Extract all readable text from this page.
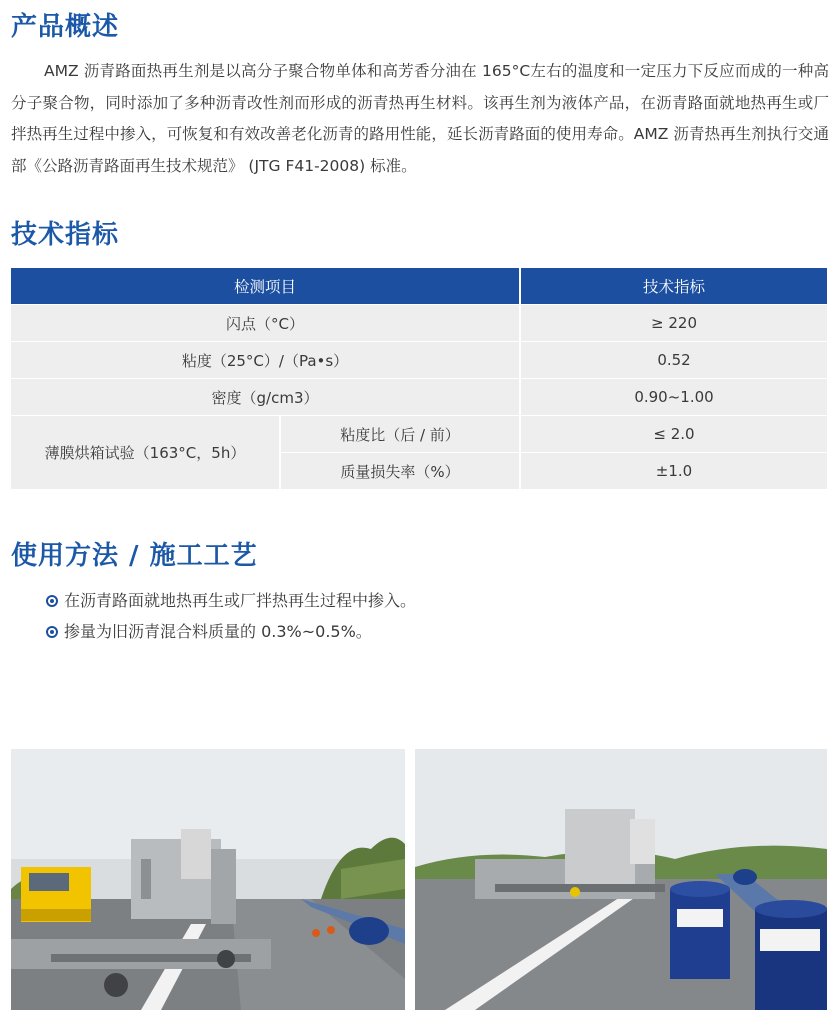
产品概述

AMZ 沥青路面热再生剂是以高分子聚合物单体和高芳香分油在 165°C左右的温度和一定压力下反应而成的一种高分子聚合物，同时添加了多种沥青改性剂而形成的沥青热再生材料。该再生剂为液体产品，在沥青路面就地热再生或厂拌热再生过程中掺入，可恢复和有效改善老化沥青的路用性能，延长沥青路面的使用寿命。AMZ 沥青热再生剂执行交通部《公路沥青路面再生技术规范》 (JTG F41-2008) 标准。

技术指标
检测项目		技术指标
闪点（°C）		≥ 220
粘度（25°C）/（Pa•s）		0.52
密度（g/cm3）		0.90~1.00
薄膜烘箱试验（163°C，5h）	粘度比（后 / 前）	≤ 2.0
	质量损失率（%）	±1.0
使用方法 / 施工工艺
在沥青路面就地热再生或厂拌热再生过程中掺入。
掺量为旧沥青混合料质量的 0.3%~0.5%。
